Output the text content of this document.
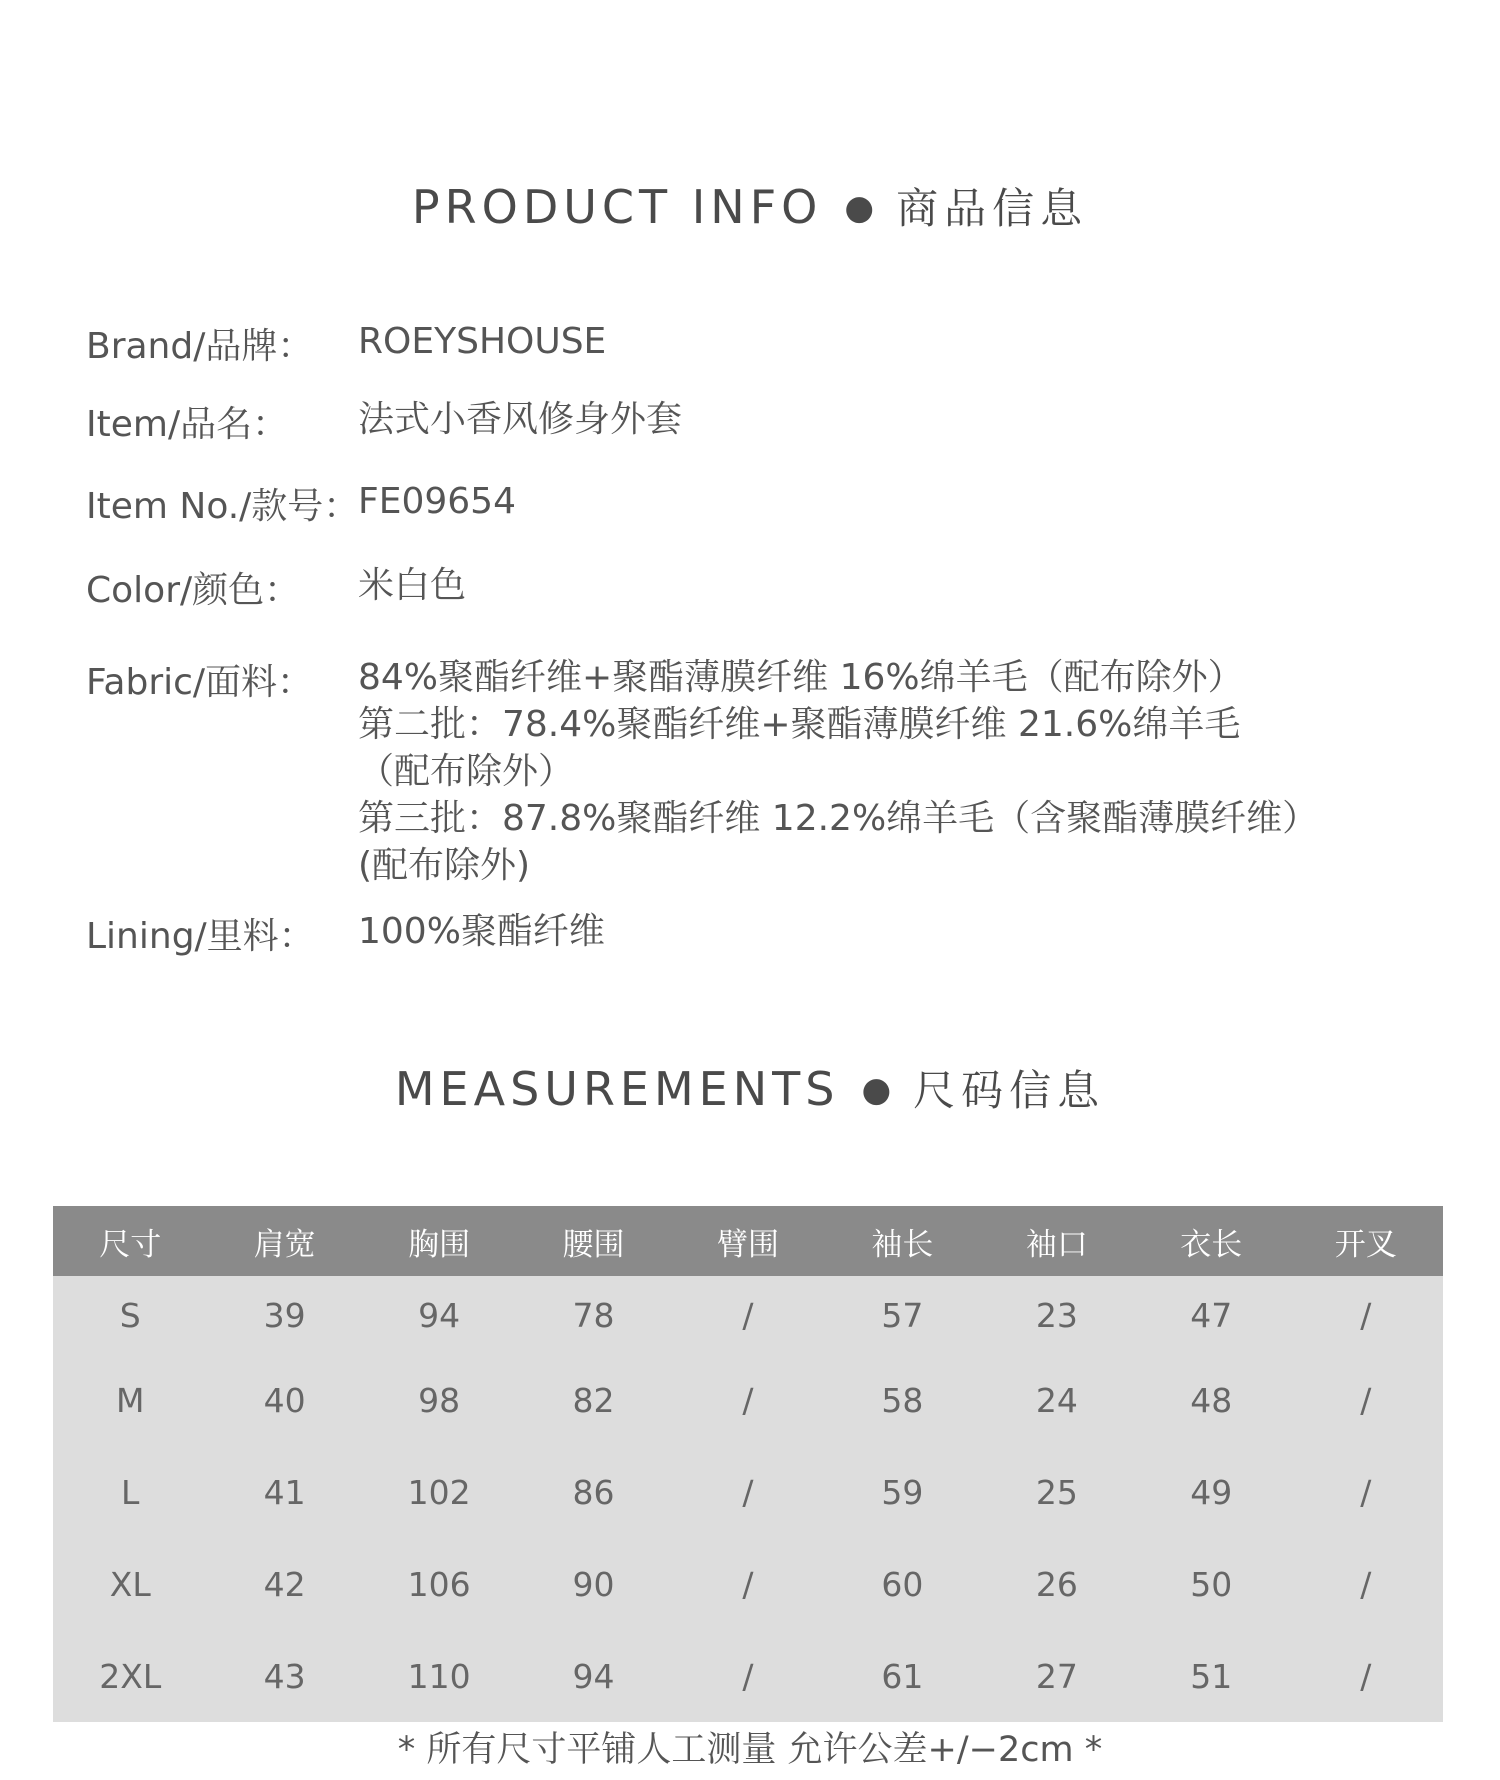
PRODUCT INFO ● 商品信息
Brand/品牌： ROEYSHOUSE
Item/品名： 法式小香风修身外套
Item No./款号：
FE09654
Color/颜色： 米白色
Fabric/面料： 84%聚酯纤维+聚酯薄膜纤维 16%绵羊毛（配布除外）
第二批：78.4%聚酯纤维+聚酯薄膜纤维 21.6%绵羊毛
（配布除外）
第三批：87.8%聚酯纤维 12.2%绵羊毛（含聚酯薄膜纤维）
(配布除外)
Lining/里料： 100%聚酯纤维
MEASUREMENTS ● 尺码信息
尺寸	肩宽	胸围	腰围	臂围	袖长	袖口	衣长	开叉
S	39	94	78	/	57	23	47	/
M	40	98	82	/	58	24	48	/
L	41	102	86	/	59	25	49	/
XL	42	106	90	/	60	26	50	/
2XL	43	110	94	/	61	27	51	/
* 所有尺寸平铺人工测量 允许公差+/−2cm *
